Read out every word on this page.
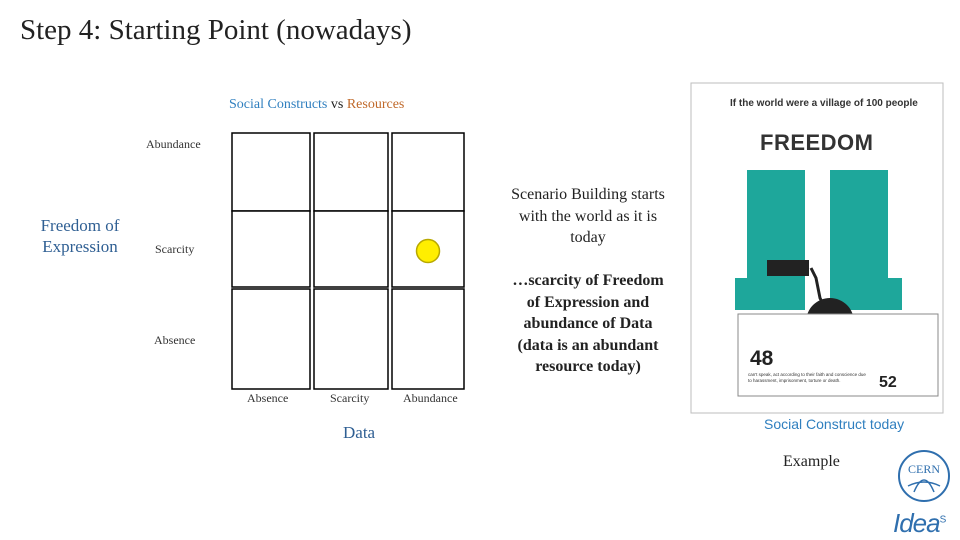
Step 4: Starting Point (nowadays)
Social Constructs vs Resources
Freedom of Expression
Abundance
Scarcity
Absence
Absence	Scarcity	Abundance
Data
Scenario Building starts with the world as it is today
…scarcity of Freedom of Expression and abundance of Data (data is an abundant resource today)
If the world were a village of 100 people
FREEDOM
48
can't speak, act according to their faith and conscience due to harassment, imprisonment, torture or death.	52
Social Construct today
Example	CERN
Idea$^S$
